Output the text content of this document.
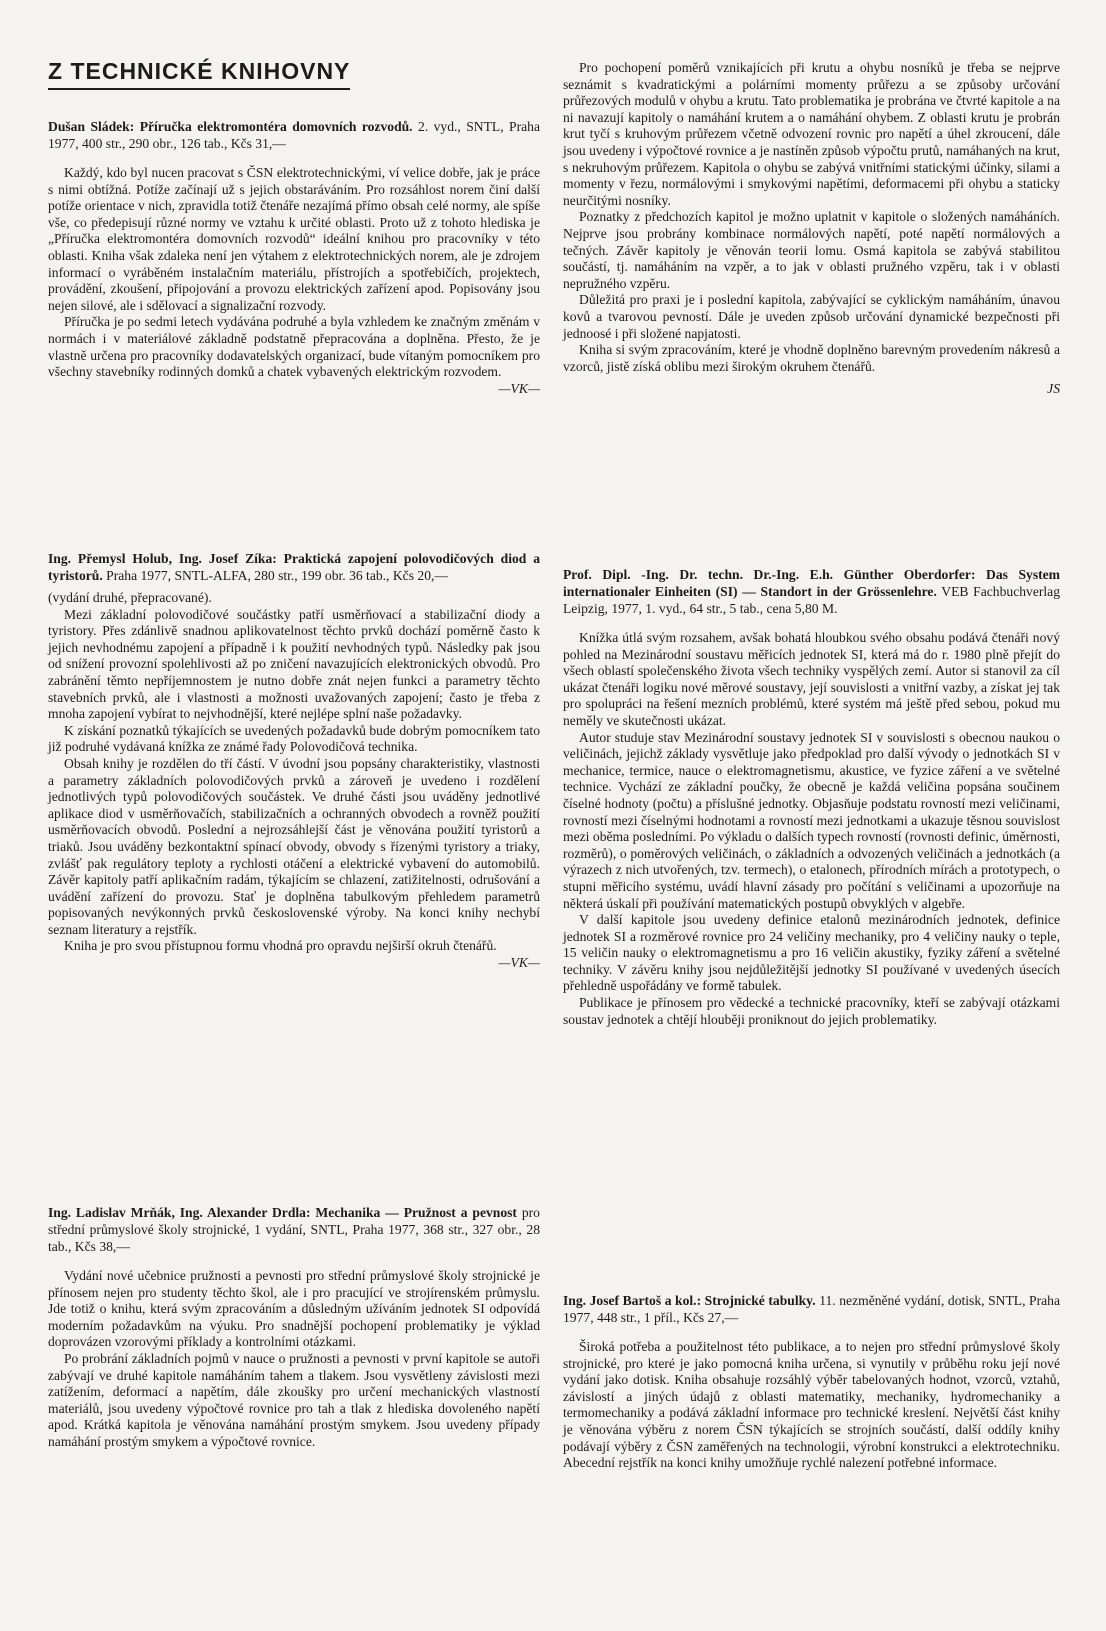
Z TECHNICKÉ KNIHOVNY

Dušan Sládek: Příručka elektromontéra domovních rozvodů. 2. vyd., SNTL, Praha 1977, 400 str., 290 obr., 126 tab., Kčs 31,—

Každý, kdo byl nucen pracovat s ČSN elektrotechnickými, ví velice dobře, jak je práce s nimi obtížná. Potíže začínají už s jejich obstaráváním. Pro rozsáhlost norem činí další potíže orientace v nich, zpravidla totiž čtenáře nezajímá přímo obsah celé normy, ale spíše vše, co předepisují různé normy ve vztahu k určité oblasti. Proto už z tohoto hlediska je „Příručka elektromontéra domovních rozvodů“ ideální knihou pro pracovníky v této oblasti. Kniha však zdaleka není jen výtahem z elektrotechnických norem, ale je zdrojem informací o vyráběném instalačním materiálu, přístrojích a spotřebičích, projektech, provádění, zkoušení, připojování a provozu elektrických zařízení apod. Popisovány jsou nejen silové, ale i sdělovací a signalizační rozvody.

Příručka je po sedmi letech vydávána podruhé a byla vzhledem ke značným změnám v normách i v materiálové základně podstatně přepracována a doplněna. Přesto, že je vlastně určena pro pracovníky dodavatelských organizací, bude vítaným pomocníkem pro všechny stavebníky rodinných domků a chatek vybavených elektrickým rozvodem.

—VK—

Ing. Přemysl Holub, Ing. Josef Zíka: Praktická zapojení polovodičových diod a tyristorů. Praha 1977, SNTL-ALFA, 280 str., 199 obr. 36 tab., Kčs 20,—

(vydání druhé, přepracované).

Mezi základní polovodičové součástky patří usměrňovací a stabilizační diody a tyristory. Přes zdánlivě snadnou aplikovatelnost těchto prvků dochází poměrně často k jejich nevhodnému zapojení a případně i k použití nevhodných typů. Následky pak jsou od snížení provozní spolehlivosti až po zničení navazujících elektronických obvodů. Pro zabránění těmto nepříjemnostem je nutno dobře znát nejen funkci a parametry těchto stavebních prvků, ale i vlastnosti a možnosti uvažovaných zapojení; často je třeba z mnoha zapojení vybírat to nejvhodnější, které nejlépe splní naše požadavky.

K získání poznatků týkajících se uvedených požadavků bude dobrým pomocníkem tato již podruhé vydávaná knížka ze známé řady Polovodičová technika.

Obsah knihy je rozdělen do tří částí. V úvodní jsou popsány charakteristiky, vlastnosti a parametry základních polovodičových prvků a zároveň je uvedeno i rozdělení jednotlivých typů polovodičových součástek. Ve druhé části jsou uváděny jednotlivé aplikace diod v usměrňovačích, stabilizačních a ochranných obvodech a rovněž použití usměrňovacích obvodů. Poslední a nejrozsáhlejší část je věnována použití tyristorů a triaků. Jsou uváděny bezkontaktní spínací obvody, obvody s řízenými tyristory a triaky, zvlášť pak regulátory teploty a rychlosti otáčení a elektrické vybavení do automobilů. Závěr kapitoly patří aplikačním radám, týkajícím se chlazení, zatižitelnosti, odrušování a uvádění zařízení do provozu. Stať je doplněna tabulkovým přehledem parametrů popisovaných nevýkonných prvků československé výroby. Na konci knihy nechybí seznam literatury a rejstřík.

Kniha je pro svou přístupnou formu vhodná pro opravdu nejširší okruh čtenářů.

—VK—

Ing. Ladislav Mrňák, Ing. Alexander Drdla: Mechanika — Pružnost a pevnost pro střední průmyslové školy strojnické, 1 vydání, SNTL, Praha 1977, 368 str., 327 obr., 28 tab., Kčs 38,—

Vydání nové učebnice pružnosti a pevnosti pro střední průmyslové školy strojnické je přínosem nejen pro studenty těchto škol, ale i pro pracující ve strojírenském průmyslu. Jde totiž o knihu, která svým zpracováním a důsledným užíváním jednotek SI odpovídá moderním požadavkům na výuku. Pro snadnější pochopení problematiky je výklad doprovázen vzorovými příklady a kontrolními otázkami.

Po probrání základních pojmů v nauce o pružnosti a pevnosti v první kapitole se autoři zabývají ve druhé kapitole namáháním tahem a tlakem. Jsou vysvětleny závislosti mezi zatížením, deformací a napětím, dále zkoušky pro určení mechanických vlastností materiálů, jsou uvedeny výpočtové rovnice pro tah a tlak z hlediska dovoleného napětí apod. Krátká kapitola je věnována namáhání prostým smykem. Jsou uvedeny případy namáhání prostým smykem a výpočtové rovnice.

Pro pochopení poměrů vznikajících při krutu a ohybu nosníků je třeba se nejprve seznámit s kvadratickými a polárními momenty průřezu a se způsoby určování průřezových modulů v ohybu a krutu. Tato problematika je probrána ve čtvrté kapitole a na ni navazují kapitoly o namáhání krutem a o namáhání ohybem. Z oblasti krutu je probrán krut tyčí s kruhovým průřezem včetně odvození rovnic pro napětí a úhel zkroucení, dále jsou uvedeny i výpočtové rovnice a je nastíněn způsob výpočtu prutů, namáhaných na krut, s nekruhovým průřezem. Kapitola o ohybu se zabývá vnitřními statickými účinky, silami a momenty v řezu, normálovými i smykovými napětími, deformacemi při ohybu a staticky neurčitými nosníky.

Poznatky z předchozích kapitol je možno uplatnit v kapitole o složených namáháních. Nejprve jsou probrány kombinace normálových napětí, poté napětí normálových a tečných. Závěr kapitoly je věnován teorii lomu. Osmá kapitola se zabývá stabilitou součástí, tj. namáháním na vzpěr, a to jak v oblasti pružného vzpěru, tak i v oblasti nepružného vzpěru.

Důležitá pro praxi je i poslední kapitola, zabývající se cyklickým namáháním, únavou kovů a tvarovou pevností. Dále je uveden způsob určování dynamické bezpečnosti při jednoosé i při složené napjatosti.

Kniha si svým zpracováním, které je vhodně doplněno barevným provedením nákresů a vzorců, jistě získá oblibu mezi širokým okruhem čtenářů.

JS

Prof. Dipl. -Ing. Dr. techn. Dr.-Ing. E.h. Günther Oberdorfer: Das System internationaler Einheiten (SI) — Standort in der Grössenlehre. VEB Fachbuchverlag Leipzig, 1977, 1. vyd., 64 str., 5 tab., cena 5,80 M.

Knížka útlá svým rozsahem, avšak bohatá hloubkou svého obsahu podává čtenáři nový pohled na Mezinárodní soustavu měřicích jednotek SI, která má do r. 1980 plně přejít do všech oblastí společenského života všech techniky vyspělých zemí. Autor si stanovil za cíl ukázat čtenáři logiku nové měrové soustavy, její souvislosti a vnitřní vazby, a získat jej tak pro spolupráci na řešení mezních problémů, které systém má ještě před sebou, pokud mu neměly ve skutečnosti ukázat.

Autor studuje stav Mezinárodní soustavy jednotek SI v souvislosti s obecnou naukou o veličinách, jejichž základy vysvětluje jako předpoklad pro další vývody o jednotkách SI v mechanice, termice, nauce o elektromagnetismu, akustice, ve fyzice záření a ve světelné technice. Vychází ze základní poučky, že obecně je každá veličina popsána součinem číselné hodnoty (počtu) a příslušné jednotky. Objasňuje podstatu rovností mezi veličinami, rovností mezi číselnými hodnotami a rovností mezi jednotkami a ukazuje těsnou souvislost mezi oběma posledními. Po výkladu o dalších typech rovností (rovnosti definic, úměrnosti, rozměrů), o poměrových veličinách, o základních a odvozených veličinách a jednotkách (a výrazech z nich utvořených, tzv. termech), o etalonech, přírodních mírách a prototypech, o stupni měřicího systému, uvádí hlavní zásady pro počítání s veličinami a upozorňuje na některá úskalí při používání matematických postupů obvyklých v algebře.

V další kapitole jsou uvedeny definice etalonů mezinárodních jednotek, definice jednotek SI a rozměrové rovnice pro 24 veličiny mechaniky, pro 4 veličiny nauky o teple, 15 veličin nauky o elektromagnetismu a pro 16 veličin akustiky, fyziky záření a světelné techniky. V závěru knihy jsou nejdůležitější jednotky SI používané v uvedených úsecích přehledně uspořádány ve formě tabulek.

Publikace je přínosem pro vědecké a technické pracovníky, kteří se zabývají otázkami soustav jednotek a chtějí hlouběji proniknout do jejich problematiky.

Ing. Josef Bartoš a kol.: Strojnické tabulky. 11. nezměněné vydání, dotisk, SNTL, Praha 1977, 448 str., 1 příl., Kčs 27,—

Široká potřeba a použitelnost této publikace, a to nejen pro střední průmyslové školy strojnické, pro které je jako pomocná kniha určena, si vynutily v průběhu roku její nové vydání jako dotisk. Kniha obsahuje rozsáhlý výběr tabelovaných hodnot, vzorců, vztahů, závislostí a jiných údajů z oblasti matematiky, mechaniky, hydromechaniky a termomechaniky a podává základní informace pro technické kreslení. Největší část knihy je věnována výběru z norem ČSN týkajících se strojních součástí, další oddíly knihy podávají výběry z ČSN zaměřených na technologii, výrobní konstrukci a elektrotechniku. Abecední rejstřík na konci knihy umožňuje rychlé nalezení potřebné informace.
